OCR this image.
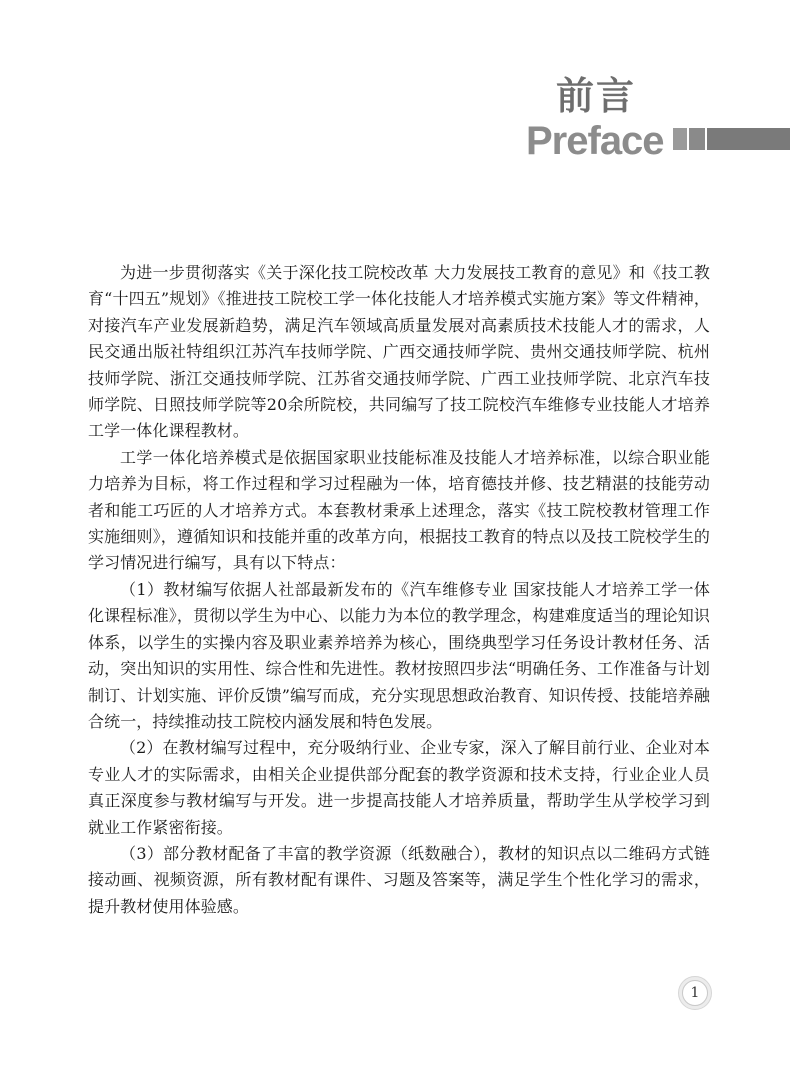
前言
Preface

为进一步贯彻落实《关于深化技工院校改革 大力发展技工教育的意见》和《技工教育“十四五”规划》《推进技工院校工学一体化技能人才培养模式实施方案》等文件精神，对接汽车产业发展新趋势，满足汽车领域高质量发展对高素质技术技能人才的需求，人民交通出版社特组织江苏汽车技师学院、广西交通技师学院、贵州交通技师学院、杭州技师学院、浙江交通技师学院、江苏省交通技师学院、广西工业技师学院、北京汽车技师学院、日照技师学院等20余所院校，共同编写了技工院校汽车维修专业技能人才培养工学一体化课程教材。

工学一体化培养模式是依据国家职业技能标准及技能人才培养标准，以综合职业能力培养为目标，将工作过程和学习过程融为一体，培育德技并修、技艺精湛的技能劳动者和能工巧匠的人才培养方式。本套教材秉承上述理念，落实《技工院校教材管理工作实施细则》，遵循知识和技能并重的改革方向，根据技工教育的特点以及技工院校学生的学习情况进行编写，具有以下特点：

（1）教材编写依据人社部最新发布的《汽车维修专业 国家技能人才培养工学一体化课程标准》，贯彻以学生为中心、以能力为本位的教学理念，构建难度适当的理论知识体系，以学生的实操内容及职业素养培养为核心，围绕典型学习任务设计教材任务、活动，突出知识的实用性、综合性和先进性。教材按照四步法“明确任务、工作准备与计划制订、计划实施、评价反馈”编写而成，充分实现思想政治教育、知识传授、技能培养融合统一，持续推动技工院校内涵发展和特色发展。

（2）在教材编写过程中，充分吸纳行业、企业专家，深入了解目前行业、企业对本专业人才的实际需求，由相关企业提供部分配套的教学资源和技术支持，行业企业人员真正深度参与教材编写与开发。进一步提高技能人才培养质量，帮助学生从学校学习到就业工作紧密衔接。

（3）部分教材配备了丰富的教学资源（纸数融合），教材的知识点以二维码方式链接动画、视频资源，所有教材配有课件、习题及答案等，满足学生个性化学习的需求，提升教材使用体验感。

1
